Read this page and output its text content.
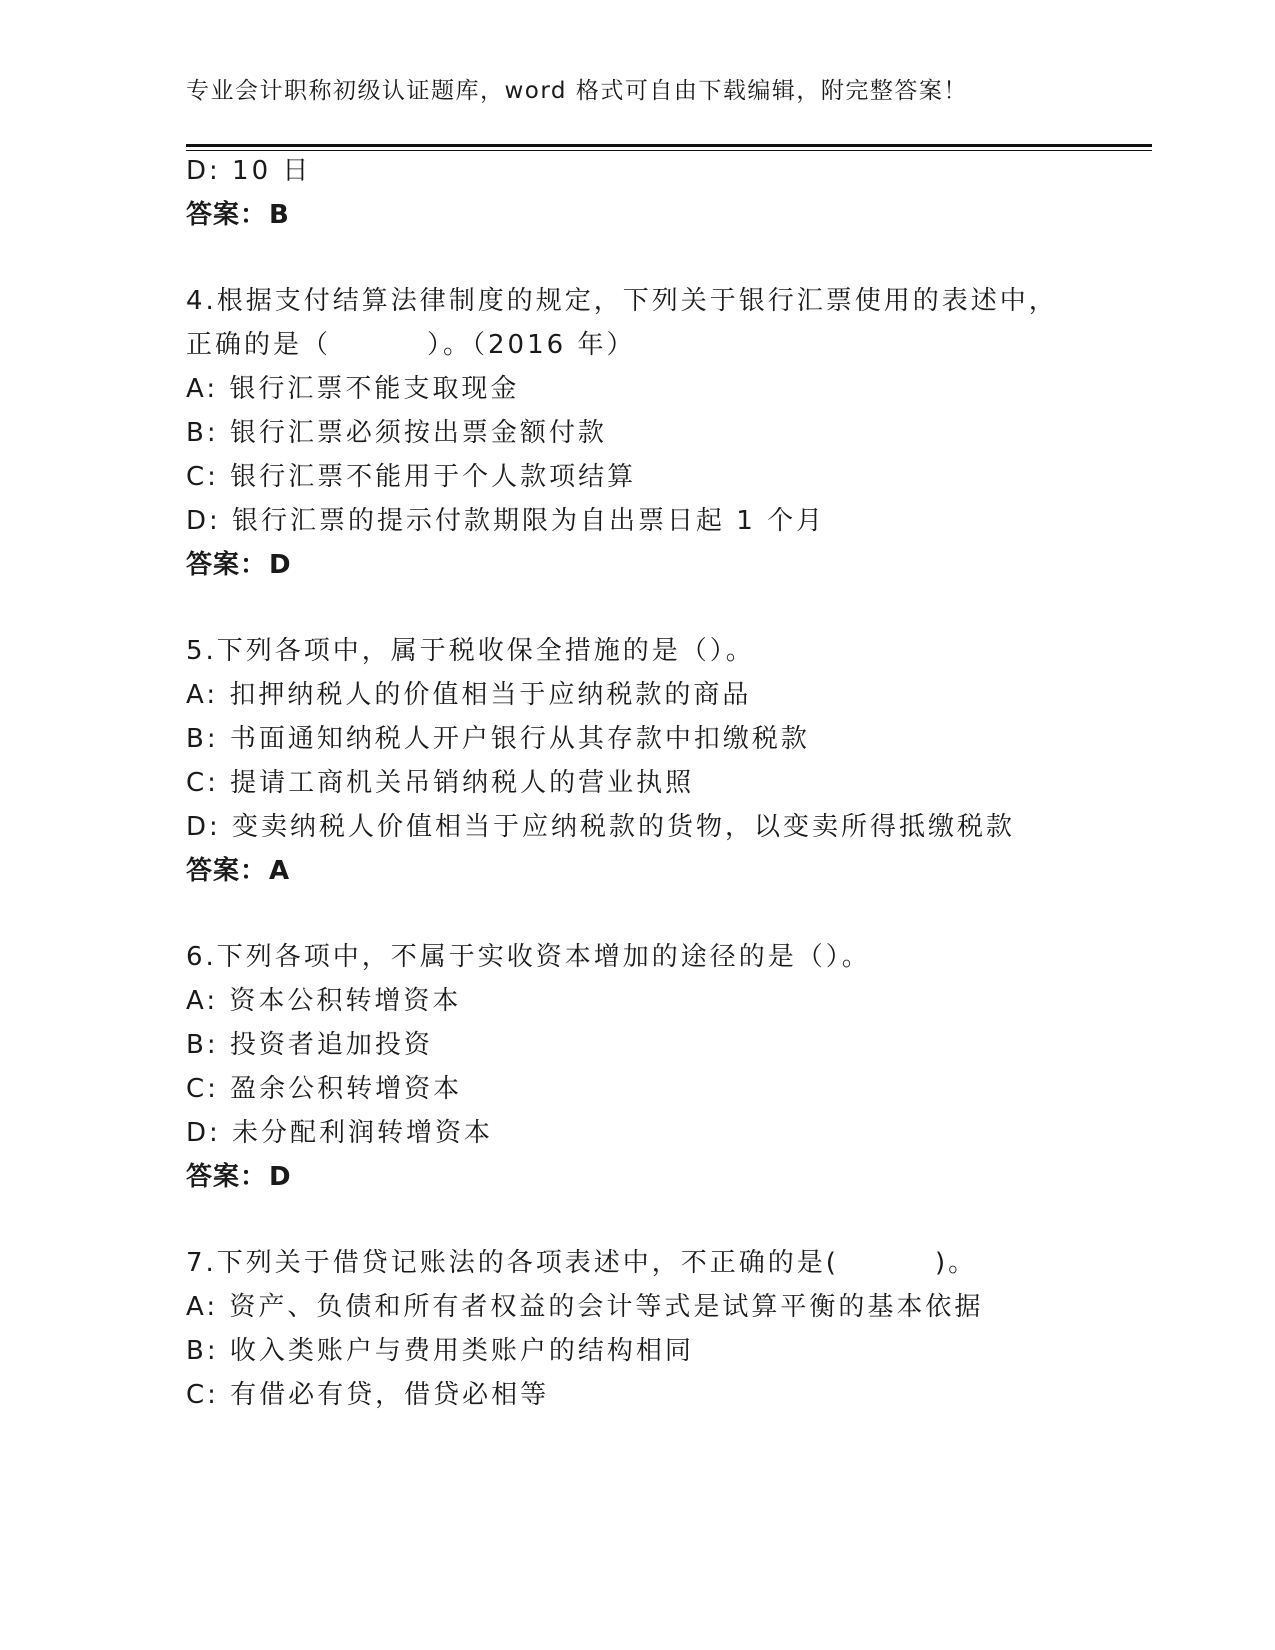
专业会计职称初级认证题库，word 格式可自由下载编辑，附完整答案！
D: 10 日
答案：B
4.根据支付结算法律制度的规定，下列关于银行汇票使用的表述中，
正确的是（	）。（2016 年）
A: 银行汇票不能支取现金
B: 银行汇票必须按出票金额付款
C: 银行汇票不能用于个人款项结算
D: 银行汇票的提示付款期限为自出票日起 1 个月
答案：D
5.下列各项中，属于税收保全措施的是（）。
A: 扣押纳税人的价值相当于应纳税款的商品
B: 书面通知纳税人开户银行从其存款中扣缴税款
C: 提请工商机关吊销纳税人的营业执照
D: 变卖纳税人价值相当于应纳税款的货物，以变卖所得抵缴税款
答案：A
6.下列各项中，不属于实收资本增加的途径的是（）。
A: 资本公积转增资本
B: 投资者追加投资
C: 盈余公积转增资本
D: 未分配利润转增资本
答案：D
7.下列关于借贷记账法的各项表述中，不正确的是(	)。
A: 资产、负债和所有者权益的会计等式是试算平衡的基本依据
B: 收入类账户与费用类账户的结构相同
C: 有借必有贷，借贷必相等
